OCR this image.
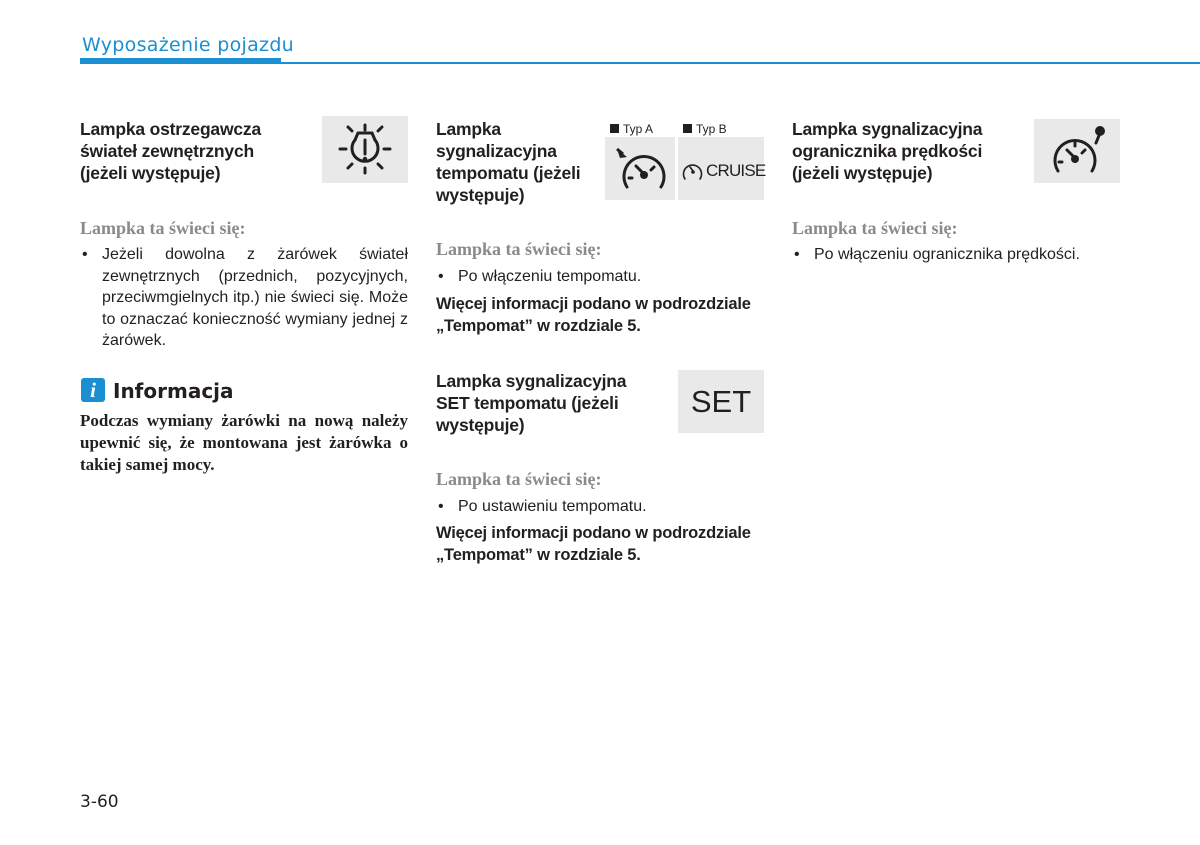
Wyposażenie pojazdu
Lampka ostrzegawcza
świateł zewnętrznych
(jeżeli występuje)
Lampka ta świeci się:
• Jeżeli dowolna z żarówek świateł zewnętrznych (przednich, pozycyjnych, przeciwmgielnych itp.) nie świeci się. Może to oznaczać konieczność wymiany jednej z żarówek.
i Informacja
Podczas wymiany żarówki na nową należy upewnić się, że montowana jest żarówka o takiej samej mocy.
Lampka
sygnalizacyjna
tempomatu (jeżeli
występuje)
Typ A	Typ B
CRUISE
Lampka ta świeci się:
• Po włączeniu tempomatu.
Więcej informacji podano w podrozdziale
„Tempomat” w rozdziale 5.
Lampka sygnalizacyjna
SET tempomatu (jeżeli
występuje)
SET
Lampka ta świeci się:
• Po ustawieniu tempomatu.
Więcej informacji podano w podrozdziale
„Tempomat” w rozdziale 5.
Lampka sygnalizacyjna
ogranicznika prędkości
(jeżeli występuje)
Lampka ta świeci się:
• Po włączeniu ogranicznika prędkości.
3-60
